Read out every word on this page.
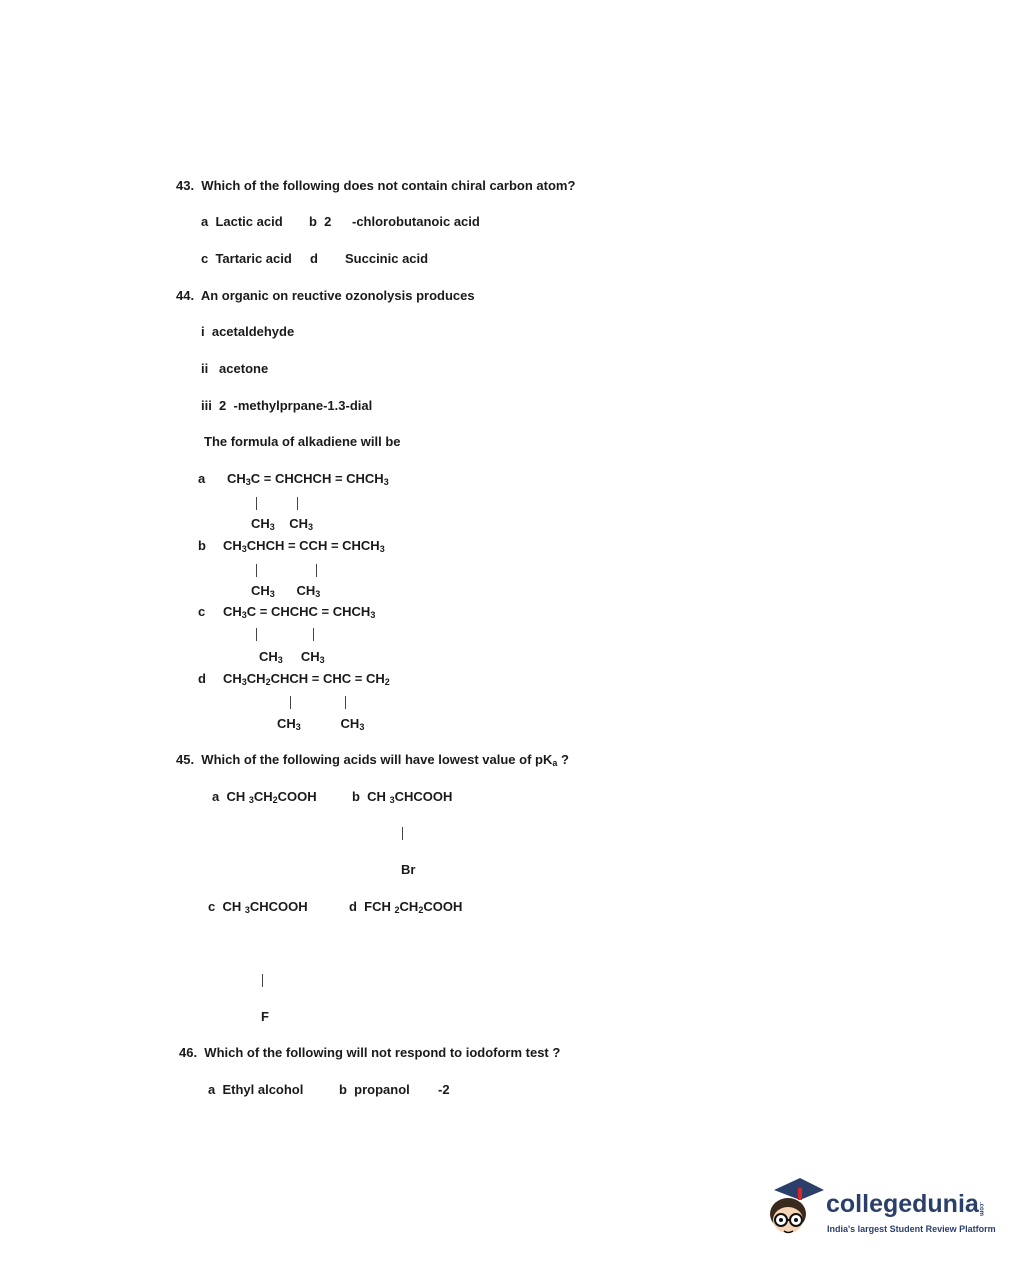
43.  Which of the following does not contain chiral carbon atom?
a  Lactic acid b  2 -chlorobutanoic acid
c  Tartaric acid d Succinic acid
44.  An organic on reuctive ozonolysis produces
i  acetaldehyde
ii   acetone
iii  2  -methylprpane-1.3-dial
The formula of alkadiene will be
a $CH_3C$ = CHCHCH = $CHCH_3$
$CH_3$    $CH_3$
b $CH_3CHCH$ = CCH = $CHCH_3$
$CH_3$      $CH_3$
c $CH_3C$ = CHCHC = $CHCH_3$
$CH_3$     $CH_3$
d $CH_3CH_2CHCH$ = CHC = $CH_2$
$CH_3$           $CH_3$
45.  Which of the following acids will have lowest value of $pK_a$ ?
a  CH $_3CH_2COOH$	b  CH $_3$CHCOOH
Br
c  CH $_3$CHCOOH	d  FCH $_2CH_2COOH$
F
46.  Which of the following will not respond to iodoform test ?
a  Ethyl alcohol	b  propanol -2
collegedunia .com
India's largest Student Review Platform
